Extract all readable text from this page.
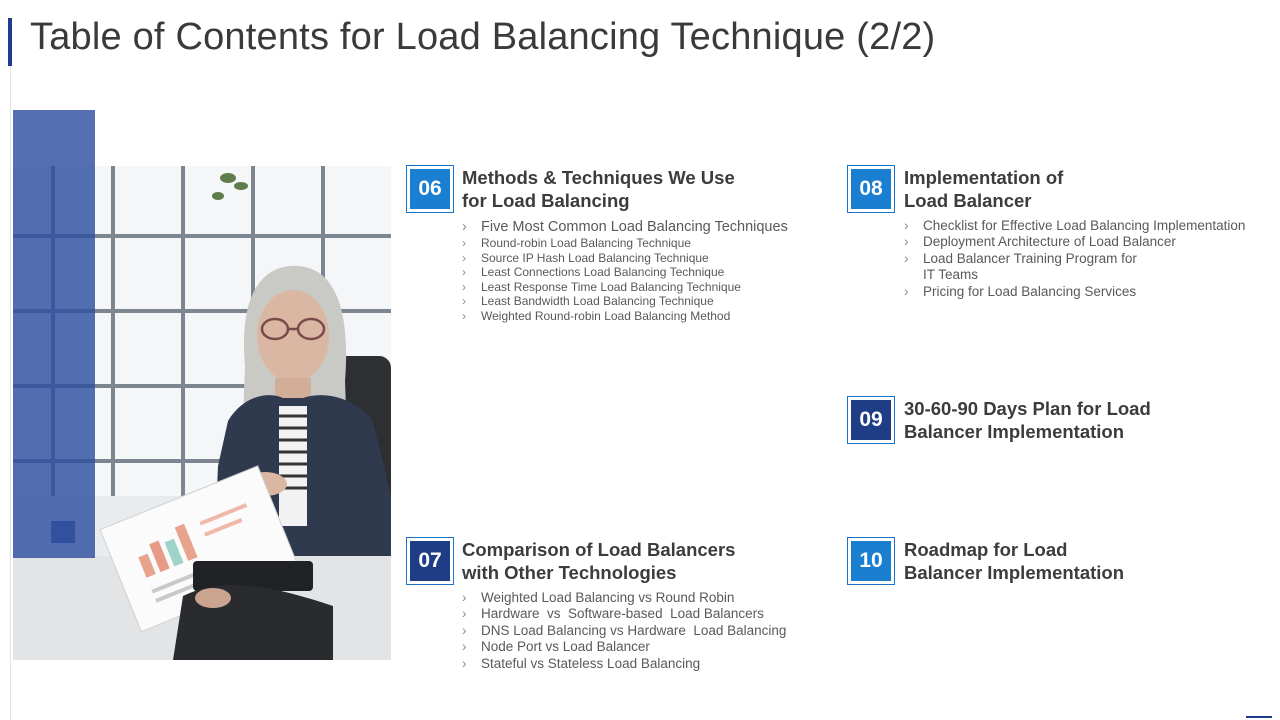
Table of Contents for Load Balancing Technique (2/2)
06	Methods & Techniques We Use
for Load Balancing
› Five Most Common Load Balancing Techniques
› Round-robin Load Balancing Technique
› Source IP Hash Load Balancing Technique
› Least Connections Load Balancing Technique
› Least Response Time Load Balancing Technique
› Least Bandwidth Load Balancing Technique
› Weighted Round-robin Load Balancing Method
07	Comparison of Load Balancers
with Other Technologies
› Weighted Load Balancing vs Round Robin
› Hardware  vs  Software-based  Load Balancers
› DNS Load Balancing vs Hardware  Load Balancing
› Node Port vs Load Balancer
› Stateful vs Stateless Load Balancing
08	Implementation of
Load Balancer
› Checklist for Effective Load Balancing Implementation
› Deployment Architecture of Load Balancer
› Load Balancer Training Program for
IT Teams
› Pricing for Load Balancing Services
09	30-60-90 Days Plan for Load
Balancer Implementation
10	Roadmap for Load
Balancer Implementation
